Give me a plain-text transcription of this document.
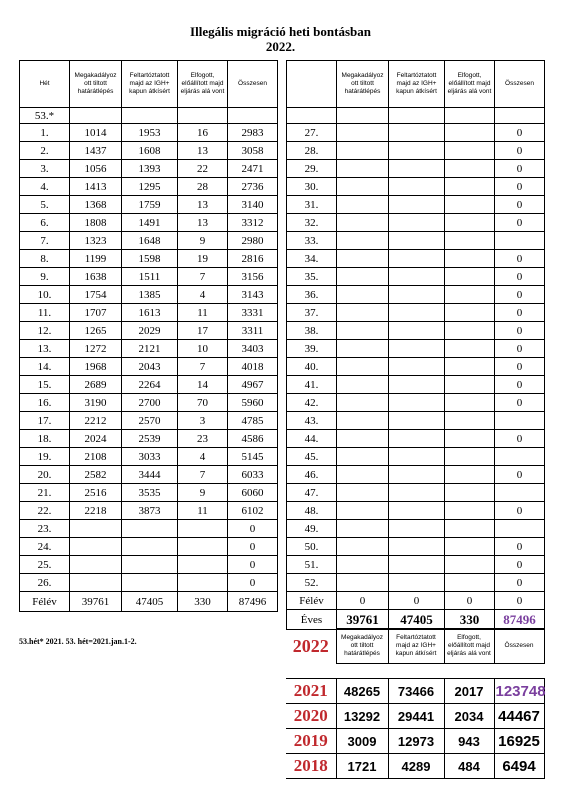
Illegális migráció heti bontásban
2022.
Hét	Megakadályoz ott tiltott határátlépés	Feltartóztatott majd az IGH+ kapun átkísért	Elfogott, előállított majd eljárás alá vont	Összesen
53.*				
1.	1014	1953	16	2983
2.	1437	1608	13	3058
3.	1056	1393	22	2471
4.	1413	1295	28	2736
5.	1368	1759	13	3140
6.	1808	1491	13	3312
7.	1323	1648	9	2980
8.	1199	1598	19	2816
9.	1638	1511	7	3156
10.	1754	1385	4	3143
11.	1707	1613	11	3331
12.	1265	2029	17	3311
13.	1272	2121	10	3403
14.	1968	2043	7	4018
15.	2689	2264	14	4967
16.	3190	2700	70	5960
17.	2212	2570	3	4785
18.	2024	2539	23	4586
19.	2108	3033	4	5145
20.	2582	3444	7	6033
21.	2516	3535	9	6060
22.	2218	3873	11	6102
23.				0
24.				0
25.				0
26.				0
Félév	39761	47405	330	87496
	Megakadályoz ott tiltott határátlépés	Feltartóztatott majd az IGH+ kapun átkísért	Elfogott, előállított majd eljárás alá vont	Összesen

27.				0
28.				0
29.				0
30.				0
31.				0
32.				0
33.				
34.				0
35.				0
36.				0
37.				0
38.				0
39.				0
40.				0
41.				0
42.				0
43.				
44.				0
45.				
46.				0
47.				
48.				0
49.				
50.				0
51.				0
52.				0
Félév	0	0	0	0
Éves	39761	47405	330	87496
53.hét* 2021. 53. hét=2021.jan.1-2.	2022	Megakadályoz ott tiltott határátlépés	Feltartóztatott majd az IGH+ kapun átkísért	Elfogott, előállított majd eljárás alá vont	Összesen
2021	48265	73466	2017	123748
2020	13292	29441	2034	44467
2019	3009	12973	943	16925
2018	1721	4289	484	6494
